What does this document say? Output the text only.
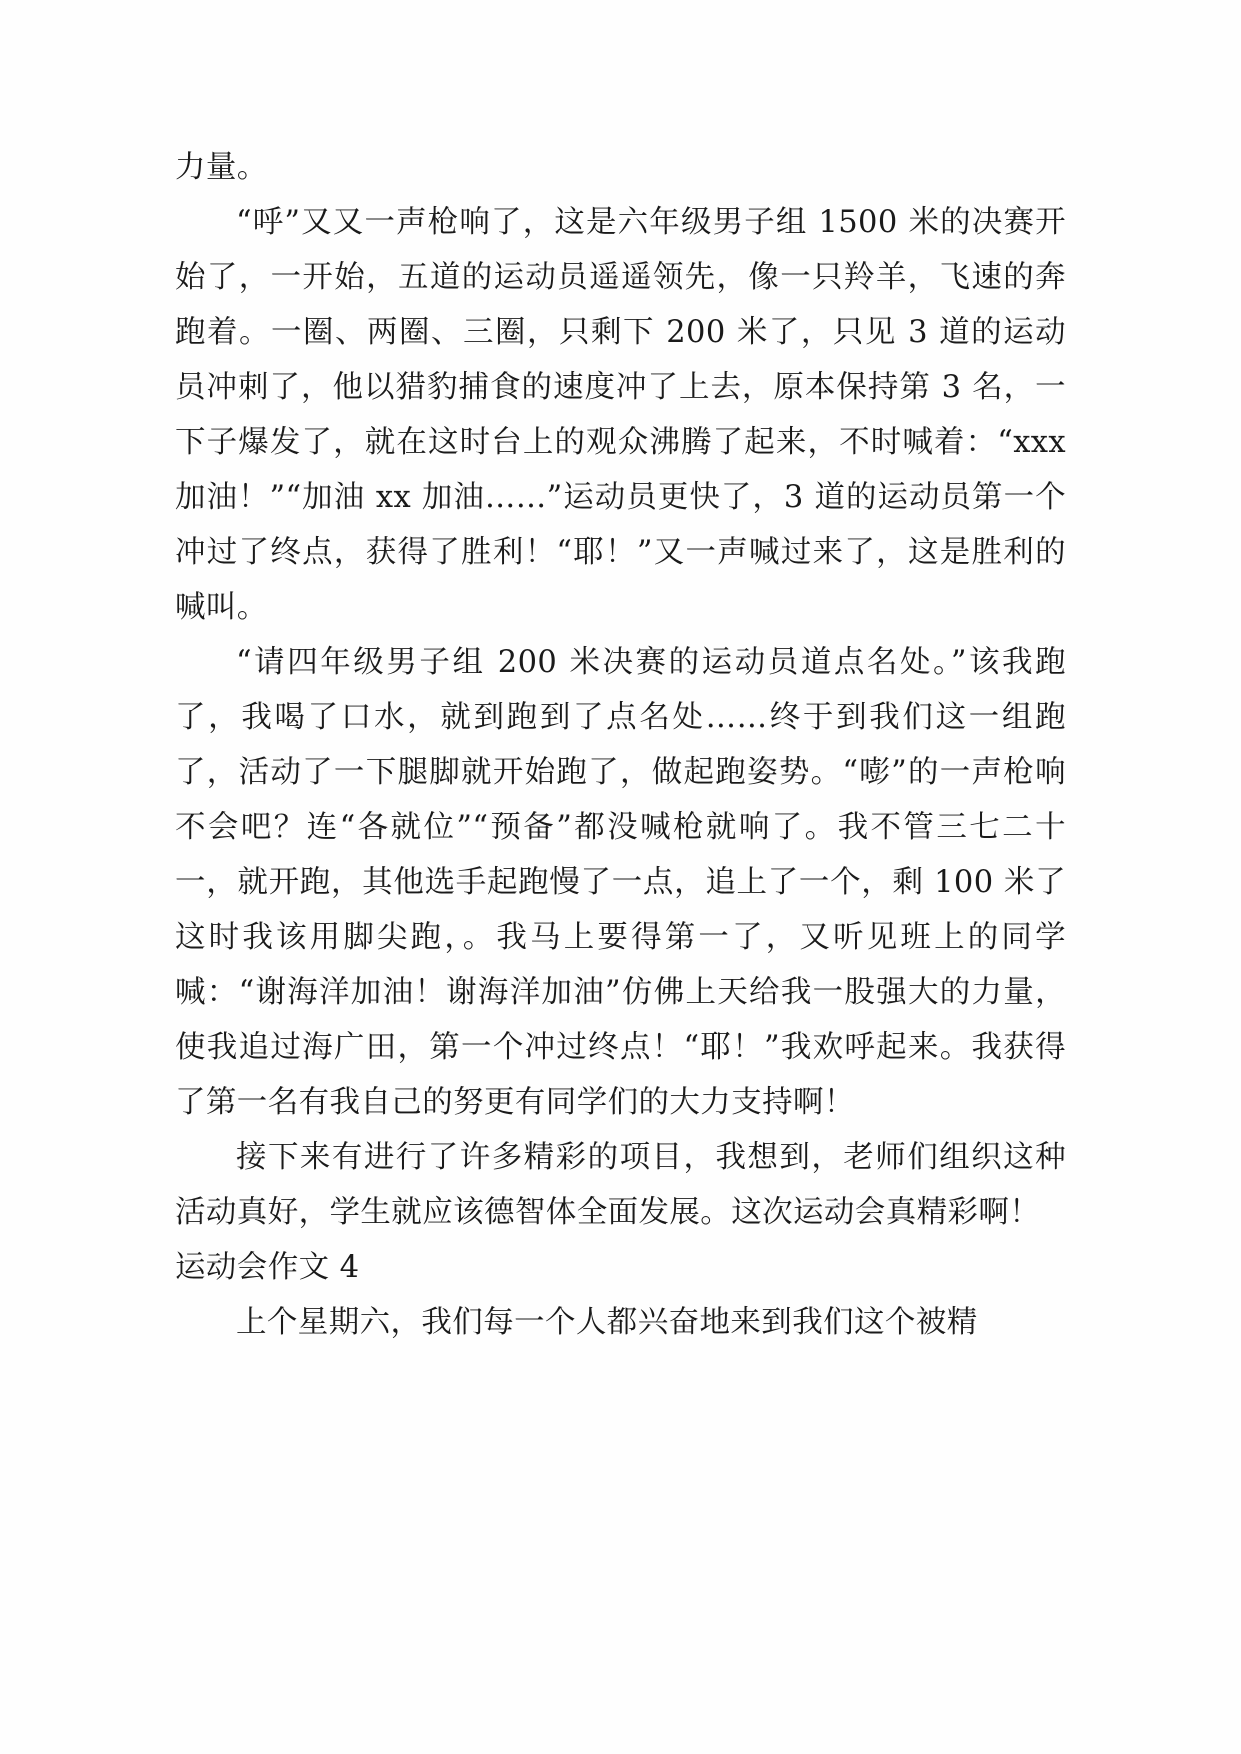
力量。

“呼”又又一声枪响了，这是六年级男子组 1500 米的决赛开始了，一开始，五道的运动员遥遥领先，像一只羚羊，飞速的奔跑着。一圈、两圈、三圈，只剩下 200 米了，只见 3 道的运动员冲刺了，他以猎豹捕食的速度冲了上去，原本保持第 3 名，一下子爆发了，就在这时台上的观众沸腾了起来，不时喊着：“xxx 加油！”“加油 xx 加油……”运动员更快了，3 道的运动员第一个冲过了终点，获得了胜利！“耶！”又一声喊过来了，这是胜利的喊叫。

“请四年级男子组 200 米决赛的运动员道点名处。”该我跑了，我喝了口水，就到跑到了点名处……终于到我们这一组跑了，活动了一下腿脚就开始跑了，做起跑姿势。“嘭”的一声枪响不会吧？连“各就位”“预备”都没喊枪就响了。我不管三七二十一，就开跑，其他选手起跑慢了一点，追上了一个，剩 100 米了这时我该用脚尖跑，。我马上要得第一了，又听见班上的同学喊：“谢海洋加油！谢海洋加油”仿佛上天给我一股强大的力量，使我追过海广田，第一个冲过终点！“耶！”我欢呼起来。我获得了第一名有我自己的努更有同学们的大力支持啊！

接下来有进行了许多精彩的项目，我想到，老师们组织这种活动真好，学生就应该德智体全面发展。这次运动会真精彩啊！

运动会作文 4

上个星期六，我们每一个人都兴奋地来到我们这个被精
